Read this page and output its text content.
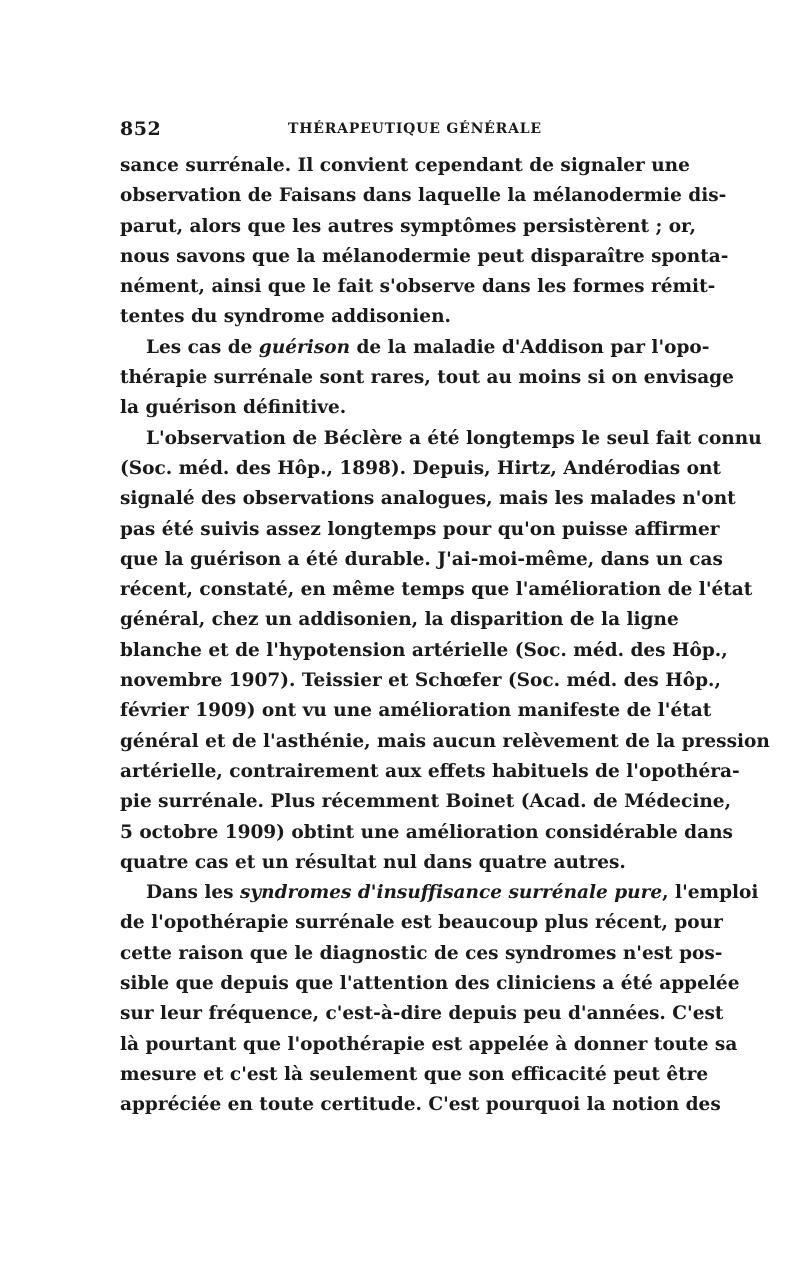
852	THÉRAPEUTIQUE GÉNÉRALE
sance surrénale. Il convient cependant de signaler une
observation de Faisans dans laquelle la mélanodermie dis-
parut, alors que les autres symptômes persistèrent ; or,
nous savons que la mélanodermie peut disparaître sponta-
nément, ainsi que le fait s'observe dans les formes rémit-
tentes du syndrome addisonien.
Les cas de guérison de la maladie d'Addison par l'opo-
thérapie surrénale sont rares, tout au moins si on envisage
la guérison définitive.
L'observation de Béclère a été longtemps le seul fait connu
(Soc. méd. des Hôp., 1898). Depuis, Hirtz, Andérodias ont
signalé des observations analogues, mais les malades n'ont
pas été suivis assez longtemps pour qu'on puisse affirmer
que la guérison a été durable. J'ai-moi-même, dans un cas
récent, constaté, en même temps que l'amélioration de l'état
général, chez un addisonien, la disparition de la ligne
blanche et de l'hypotension artérielle (Soc. méd. des Hôp.,
novembre 1907). Teissier et Schœfer (Soc. méd. des Hôp.,
février 1909) ont vu une amélioration manifeste de l'état
général et de l'asthénie, mais aucun relèvement de la pression
artérielle, contrairement aux effets habituels de l'opothéra-
pie surrénale. Plus récemment Boinet (Acad. de Médecine,
5 octobre 1909) obtint une amélioration considérable dans
quatre cas et un résultat nul dans quatre autres.
Dans les syndromes d'insuffisance surrénale pure, l'emploi
de l'opothérapie surrénale est beaucoup plus récent, pour
cette raison que le diagnostic de ces syndromes n'est pos-
sible que depuis que l'attention des cliniciens a été appelée
sur leur fréquence, c'est-à-dire depuis peu d'années. C'est
là pourtant que l'opothérapie est appelée à donner toute sa
mesure et c'est là seulement que son efficacité peut être
appréciée en toute certitude. C'est pourquoi la notion des
